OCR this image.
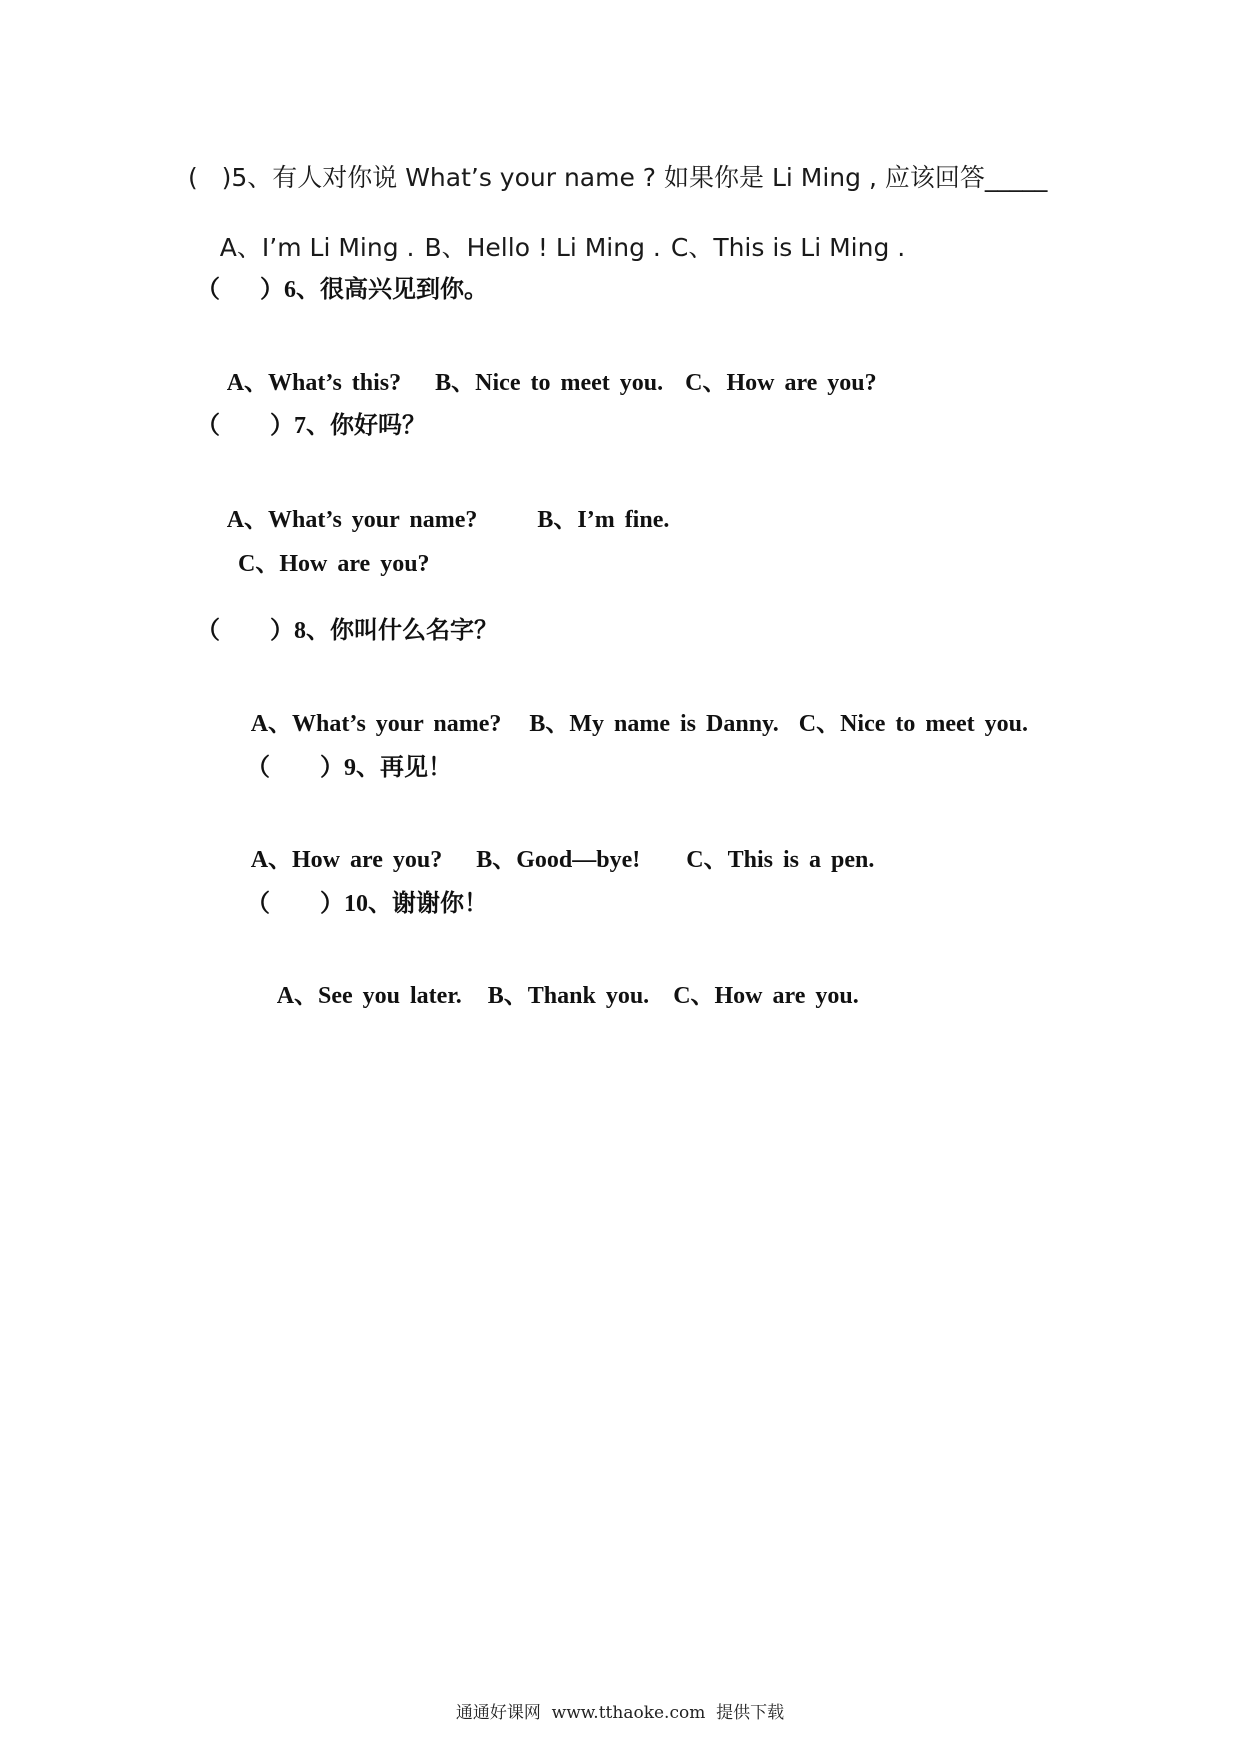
(   )5、有人对你说 What’s your name ? 如果你是 Li Ming , 应该回答_____

A、I’m Li Ming . B、Hello ! Li Ming . C、This is Li Ming .

（    ）6、很高兴见到你。

A、What’s this? B、Nice to meet you. C、How are you?

（     ）7、你好吗？

A、What’s your name?	B、I’m fine.

C、How are you?
（     ）8、你叫什么名字？

A、What’s your name? B、My name is Danny. C、Nice to meet you.

（     ）9、再见！

A、How are you? B、Good—bye! C、This is a pen.

（     ）10、谢谢你！

A、See you later. B、Thank you. C、How are you.

通通好课网  www.tthaoke.com  提供下载
